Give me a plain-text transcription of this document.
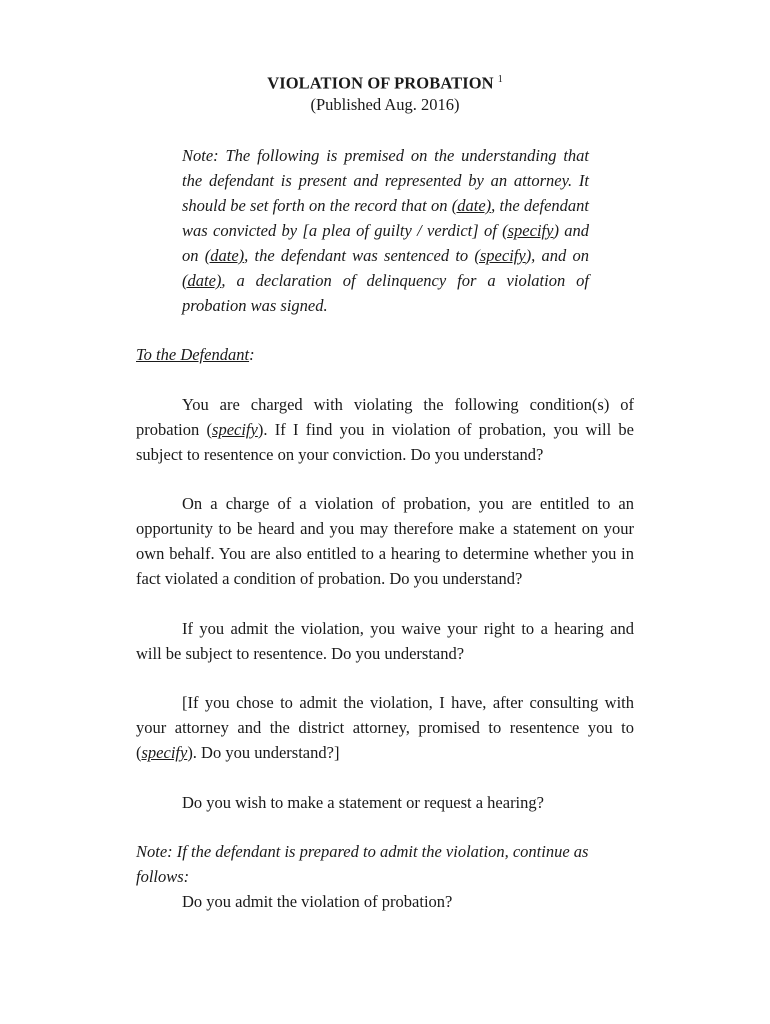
VIOLATION OF PROBATION $^1$
(Published Aug. 2016)
Note: The following is premised on the understanding that the defendant is present and represented by an attorney. It should be set forth on the record that on (date), the defendant was convicted by [a plea of guilty / verdict] of (specify) and on (date), the defendant was sentenced to (specify), and on (date), a declaration of delinquency for a violation of probation was signed.
To the Defendant:
You are charged with violating the following condition(s) of probation (specify). If I find you in violation of probation, you will be subject to resentence on your conviction. Do you understand?
On a charge of a violation of probation, you are entitled to an opportunity to be heard and you may therefore make a statement on your own behalf. You are also entitled to a hearing to determine whether you in fact violated a condition of probation. Do you understand?
If you admit the violation, you waive your right to a hearing and will be subject to resentence. Do you understand?
[If you chose to admit the violation, I have, after consulting with your attorney and the district attorney, promised to resentence you to (specify). Do you understand?]
Do you wish to make a statement or request a hearing?
Note: If the defendant is prepared to admit the violation, continue as follows:
Do you admit the violation of probation?
